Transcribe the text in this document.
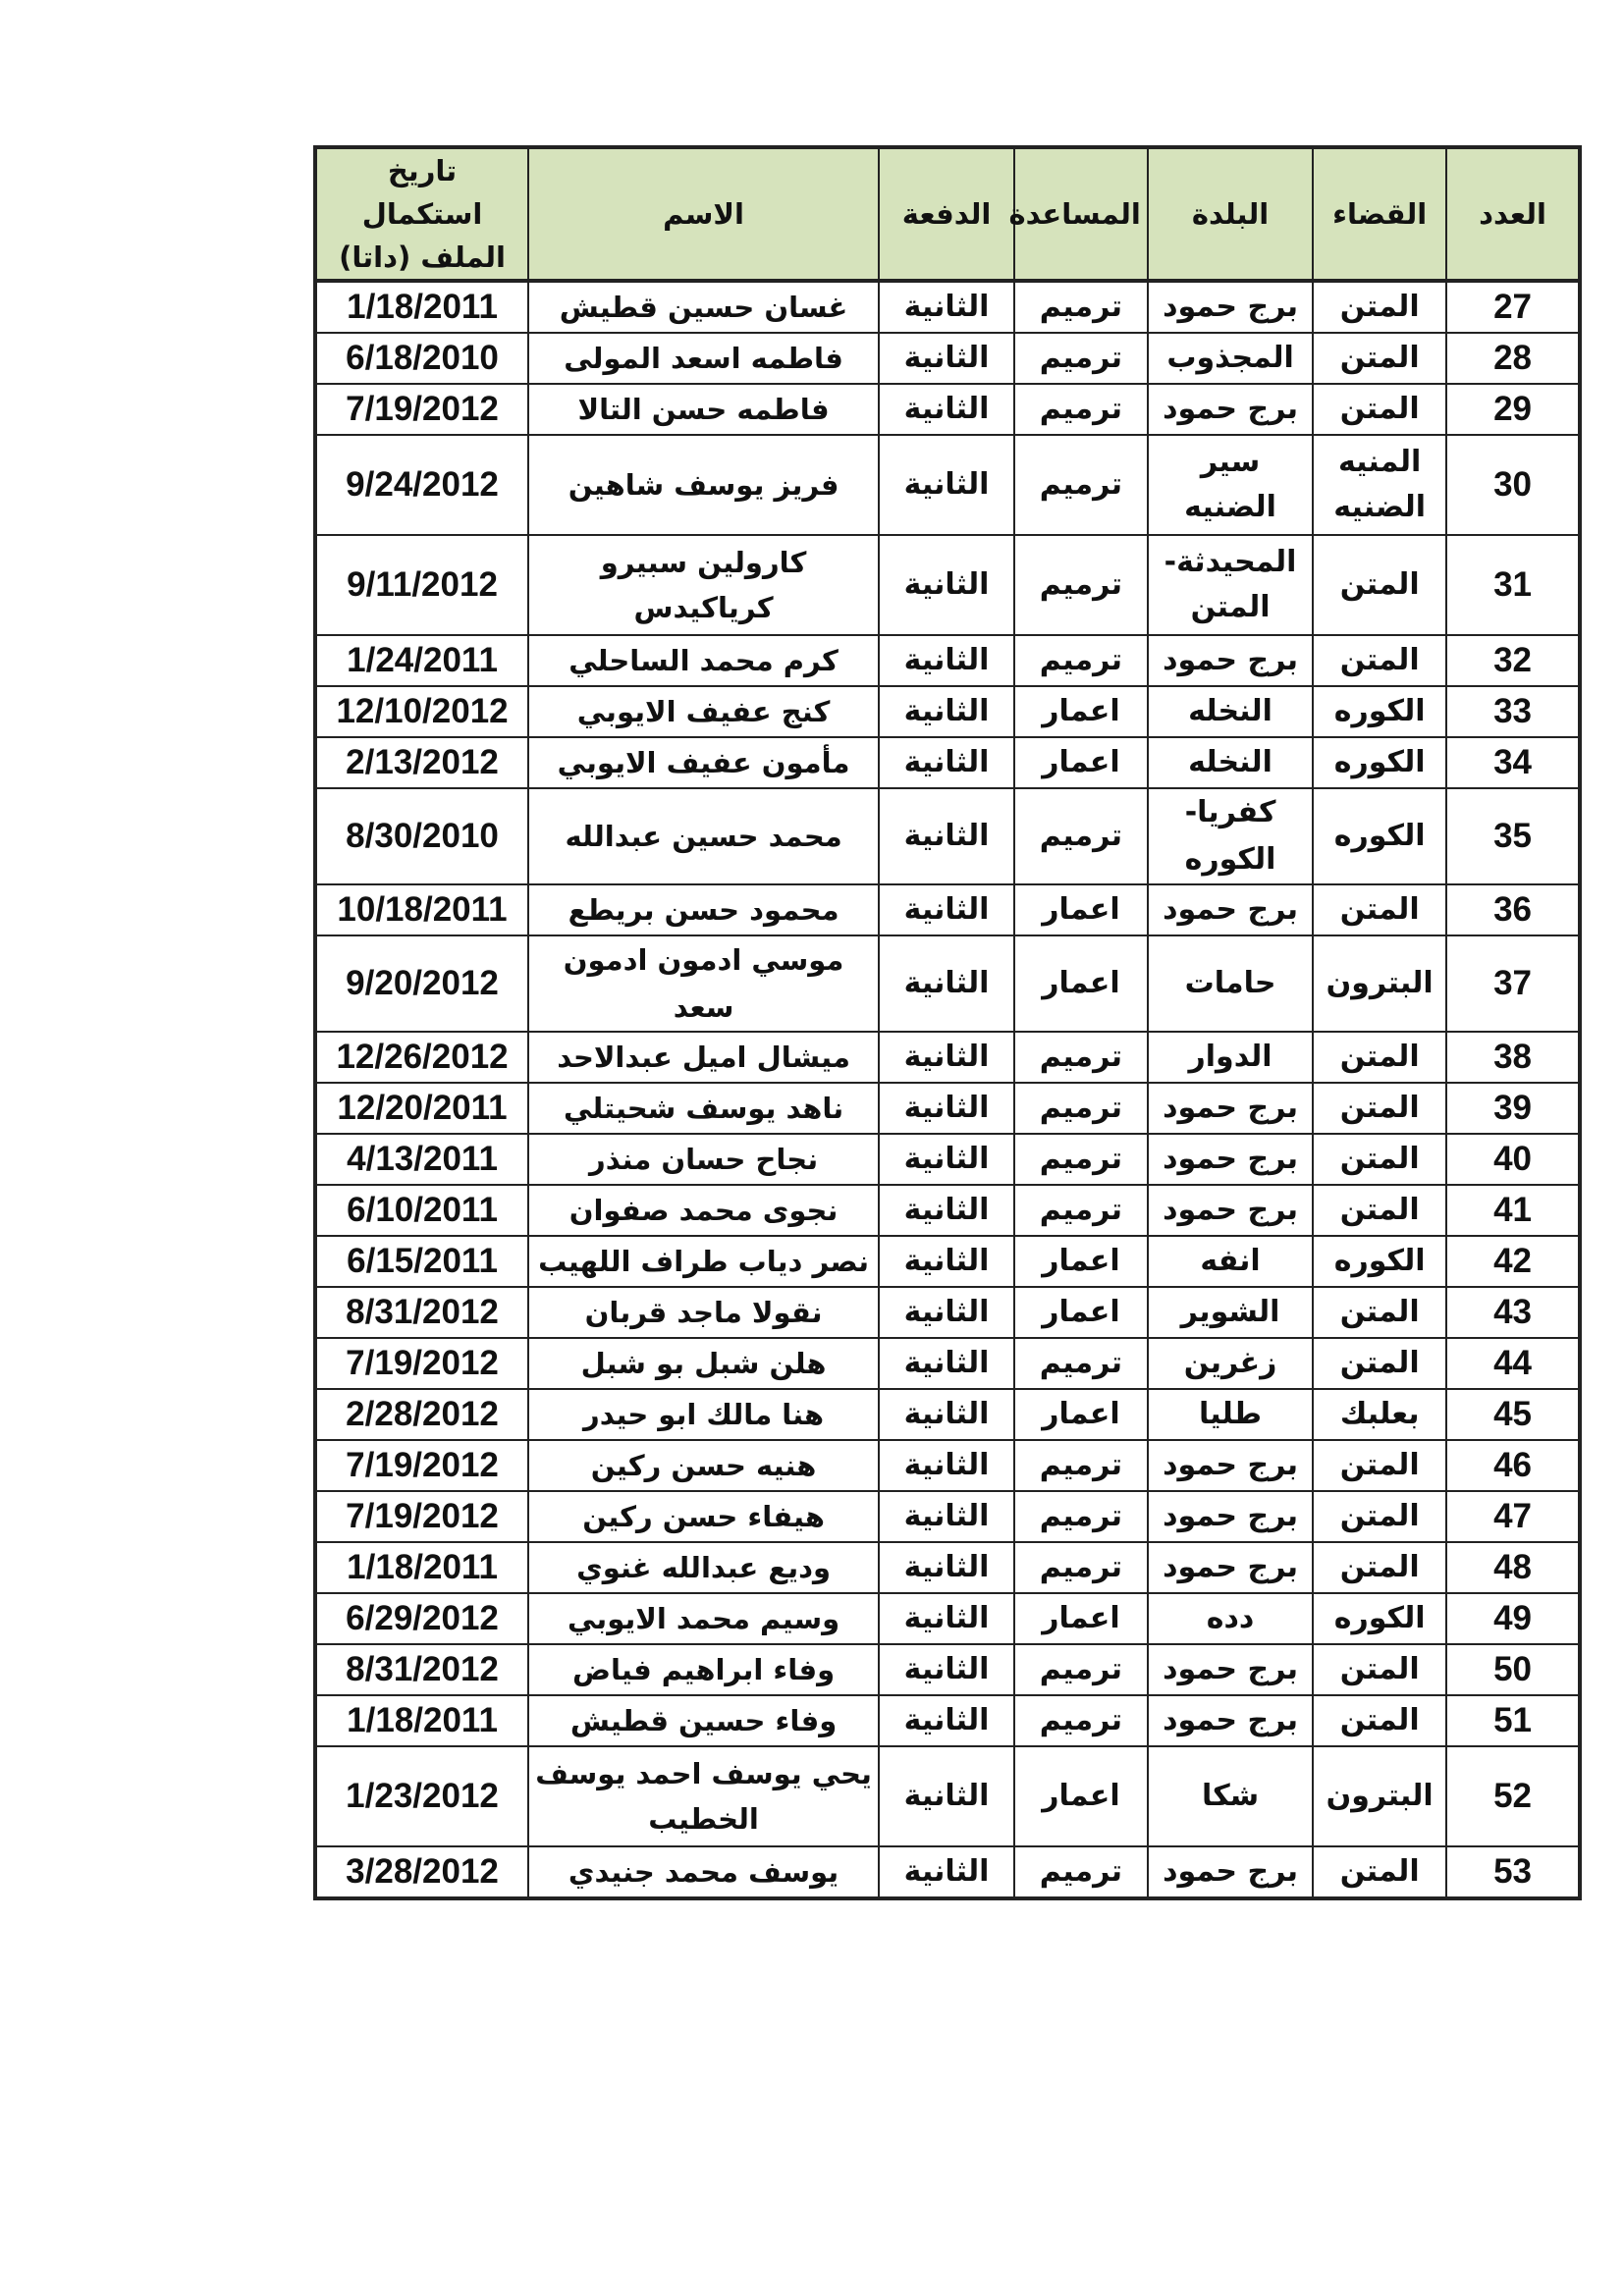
العدد	القضاء	البلدة	المساعدة	الدفعة	الاسم	تاريخ استكمال الملف (داتا)
27	المتن	برج حمود	ترميم	الثانية	غسان حسين قطيش	1/18/2011
28	المتن	المجذوب	ترميم	الثانية	فاطمه اسعد المولى	6/18/2010
29	المتن	برج حمود	ترميم	الثانية	فاطمه حسن التالا	7/19/2012
30	المنيه الضنيه	سير الضنيه	ترميم	الثانية	فريز يوسف شاهين	9/24/2012
31	المتن	المحيدثة-المتن	ترميم	الثانية	كارولين سبيرو كرياكيدس	9/11/2012
32	المتن	برج حمود	ترميم	الثانية	كرم محمد الساحلي	1/24/2011
33	الكوره	النخله	اعمار	الثانية	كنج عفيف الايوبي	12/10/2012
34	الكوره	النخله	اعمار	الثانية	مأمون عفيف الايوبي	2/13/2012
35	الكوره	كفريا-الكوره	ترميم	الثانية	محمد حسين عبدالله	8/30/2010
36	المتن	برج حمود	اعمار	الثانية	محمود حسن بريطع	10/18/2011
37	البترون	حامات	اعمار	الثانية	موسي ادمون ادمون سعد	9/20/2012
38	المتن	الدوار	ترميم	الثانية	ميشال اميل عبدالاحد	12/26/2012
39	المتن	برج حمود	ترميم	الثانية	ناهد يوسف شحيتلي	12/20/2011
40	المتن	برج حمود	ترميم	الثانية	نجاح حسان منذر	4/13/2011
41	المتن	برج حمود	ترميم	الثانية	نجوى محمد صفوان	6/10/2011
42	الكوره	انفه	اعمار	الثانية	نصر دياب طراف اللهيب	6/15/2011
43	المتن	الشوير	اعمار	الثانية	نقولا ماجد قربان	8/31/2012
44	المتن	زغرين	ترميم	الثانية	هلن شبل بو شبل	7/19/2012
45	بعلبك	طليا	اعمار	الثانية	هنا مالك ابو حيدر	2/28/2012
46	المتن	برج حمود	ترميم	الثانية	هنيه حسن ركين	7/19/2012
47	المتن	برج حمود	ترميم	الثانية	هيفاء حسن ركين	7/19/2012
48	المتن	برج حمود	ترميم	الثانية	وديع عبدالله غنوي	1/18/2011
49	الكوره	دده	اعمار	الثانية	وسيم محمد الايوبي	6/29/2012
50	المتن	برج حمود	ترميم	الثانية	وفاء ابراهيم فياض	8/31/2012
51	المتن	برج حمود	ترميم	الثانية	وفاء حسين قطيش	1/18/2011
52	البترون	شكا	اعمار	الثانية	يحي يوسف احمد يوسف الخطيب	1/23/2012
53	المتن	برج حمود	ترميم	الثانية	يوسف محمد جنيدي	3/28/2012
